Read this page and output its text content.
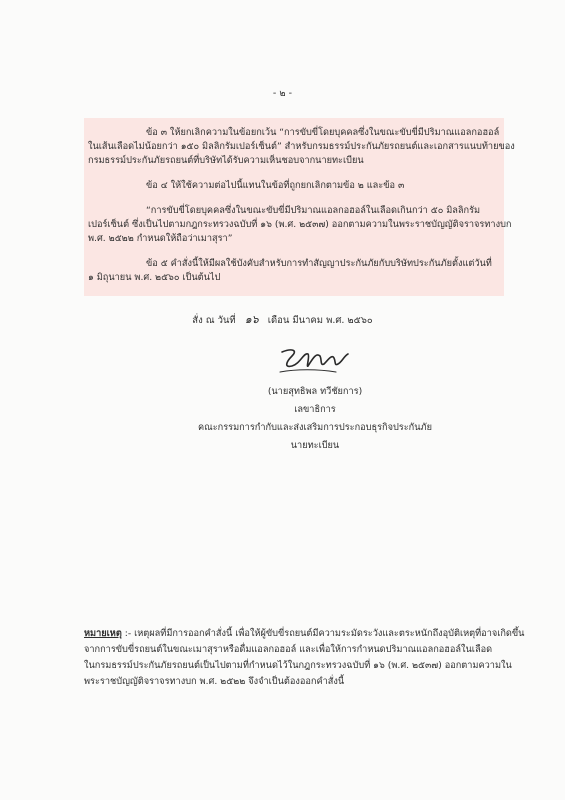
- ๒ -
ข้อ ๓ ให้ยกเลิกความในข้อยกเว้น “การขับขี่โดยบุคคลซึ่งในขณะขับขี่มีปริมาณแอลกอฮอล์
ในเส้นเลือดไม่น้อยกว่า ๑๕๐ มิลลิกรัมเปอร์เซ็นต์” สำหรับกรมธรรม์ประกันภัยรถยนต์และเอกสารแนบท้ายของ
กรมธรรม์ประกันภัยรถยนต์ที่บริษัทได้รับความเห็นชอบจากนายทะเบียน
ข้อ ๔ ให้ใช้ความต่อไปนี้แทนในข้อที่ถูกยกเลิกตามข้อ ๒ และข้อ ๓
“การขับขี่โดยบุคคลซึ่งในขณะขับขี่มีปริมาณแอลกอฮอล์ในเลือดเกินกว่า ๕๐ มิลลิกรัม
เปอร์เซ็นต์ ซึ่งเป็นไปตามกฎกระทรวงฉบับที่ ๑๖ (พ.ศ. ๒๕๓๗) ออกตามความในพระราชบัญญัติจราจรทางบก
พ.ศ. ๒๕๒๒ กำหนดให้ถือว่าเมาสุรา”
ข้อ ๕ คำสั่งนี้ให้มีผลใช้บังคับสำหรับการทำสัญญาประกันภัยกับบริษัทประกันภัยตั้งแต่วันที่
๑ มิถุนายน พ.ศ. ๒๕๖๐ เป็นต้นไป
สั่ง ณ วันที่ ๑๖ เดือน มีนาคม พ.ศ. ๒๕๖๐
(นายสุทธิพล ทวีชัยการ)
เลขาธิการ
คณะกรรมการกำกับและส่งเสริมการประกอบธุรกิจประกันภัย
นายทะเบียน
หมายเหตุ :- เหตุผลที่มีการออกคำสั่งนี้ เพื่อให้ผู้ขับขี่รถยนต์มีความระมัดระวังและตระหนักถึงอุบัติเหตุที่อาจเกิดขึ้น
จากการขับขี่รถยนต์ในขณะเมาสุราหรือดื่มแอลกอฮอล์ และเพื่อให้การกำหนดปริมาณแอลกอฮอล์ในเลือด
ในกรมธรรม์ประกันภัยรถยนต์เป็นไปตามที่กำหนดไว้ในกฎกระทรวงฉบับที่ ๑๖ (พ.ศ. ๒๕๓๗) ออกตามความใน
พระราชบัญญัติจราจรทางบก พ.ศ. ๒๕๒๒ จึงจำเป็นต้องออกคำสั่งนี้
